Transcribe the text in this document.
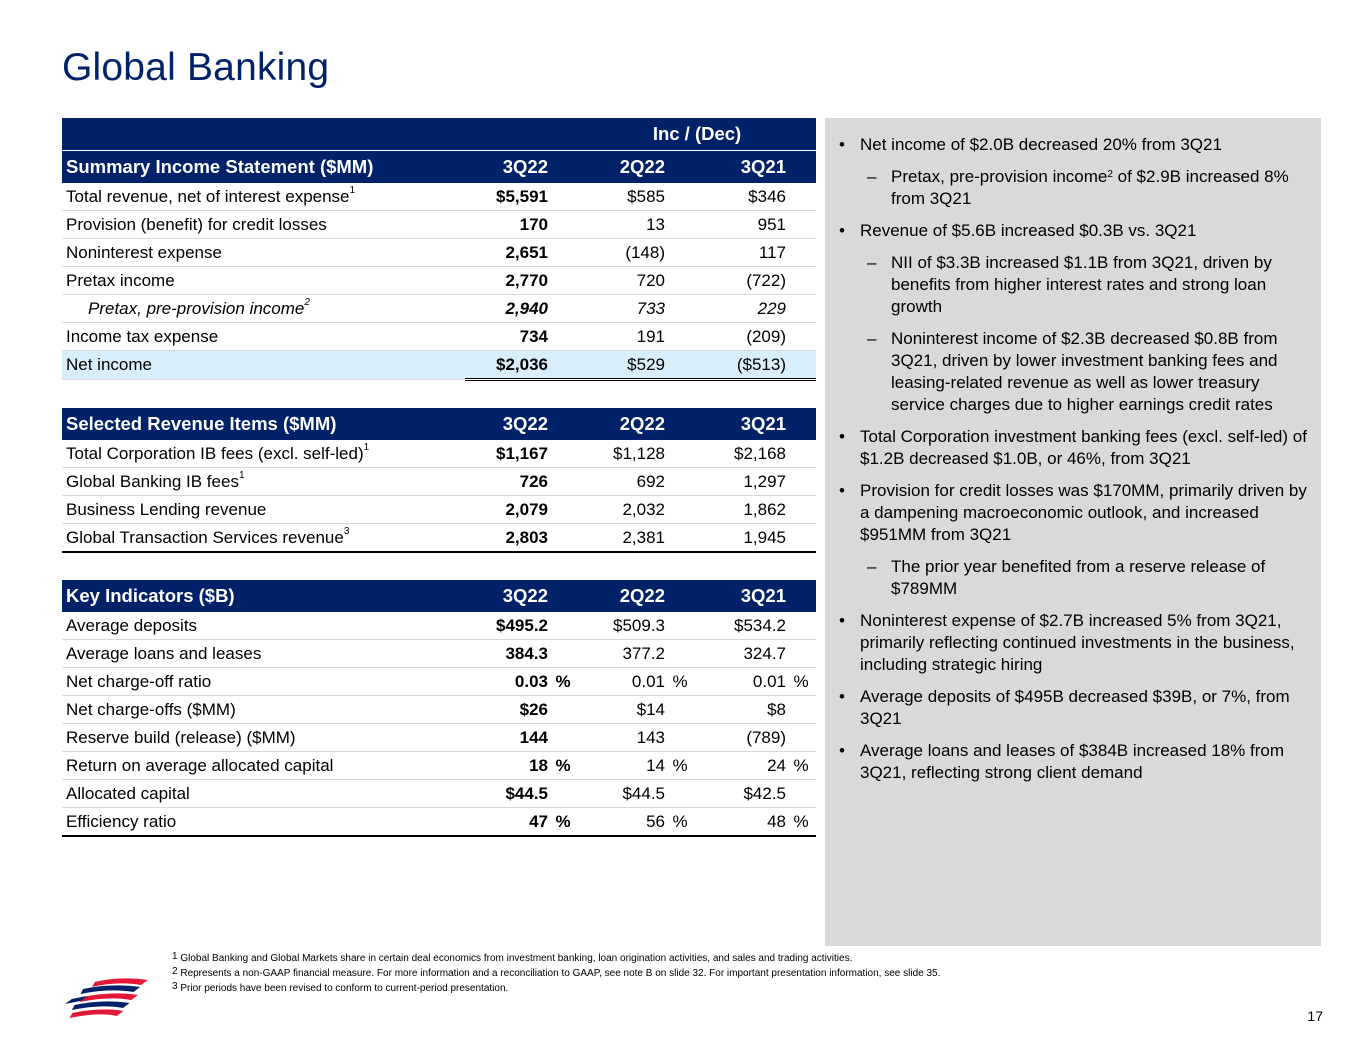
Global Banking
			Inc / (Dec)			
Summary Income Statement ($MM)	3Q22		2Q22		3Q21	
Total revenue, net of interest expense$^1$	$5,591		$585		$346	
Provision (benefit) for credit losses	170		13		951	
Noninterest expense	2,651		(148)		117	
Pretax income	2,770		720		(722)	
Pretax, pre-provision income$^2$	2,940		733		229	
Income tax expense	734		191		(209)	
Net income	$2,036		$529		($513)	
Selected Revenue Items ($MM)	3Q22		2Q22		3Q21	
Total Corporation IB fees (excl. self-led)$^1$	$1,167		$1,128		$2,168	
Global Banking IB fees$^1$	726		692		1,297	
Business Lending revenue	2,079		2,032		1,862	
Global Transaction Services revenue$^3$	2,803		2,381		1,945	
Key Indicators ($B)	3Q22		2Q22		3Q21	
Average deposits	$495.2		$509.3		$534.2	
Average loans and leases	384.3		377.2		324.7	
Net charge-off ratio	0.03	%	0.01	%	0.01	%
Net charge-offs ($MM)	$26		$14		$8	
Reserve build (release) ($MM)	144		143		(789)	
Return on average allocated capital	18	%	14	%	24	%
Allocated capital	$44.5		$44.5		$42.5	
Efficiency ratio	47	%	56	%	48	%
• Net income of $2.0B decreased 20% from 3Q21
– Pretax, pre-provision income$^2$ of $2.9B increased 8% from 3Q21
• Revenue of $5.6B increased $0.3B vs. 3Q21
– NII of $3.3B increased $1.1B from 3Q21, driven by benefits from higher interest rates and strong loan growth
– Noninterest income of $2.3B decreased $0.8B from 3Q21, driven by lower investment banking fees and leasing-related revenue as well as lower treasury service charges due to higher earnings credit rates
• Total Corporation investment banking fees (excl. self-led) of $1.2B decreased $1.0B, or 46%, from 3Q21
• Provision for credit losses was $170MM, primarily driven by a dampening macroeconomic outlook, and increased $951MM from 3Q21
– The prior year benefited from a reserve release of $789MM
• Noninterest expense of $2.7B increased 5% from 3Q21, primarily reflecting continued investments in the business, including strategic hiring
• Average deposits of $495B decreased $39B, or 7%, from 3Q21
• Average loans and leases of $384B increased 18% from 3Q21, reflecting strong client demand
$^1$ Global Banking and Global Markets share in certain deal economics from investment banking, loan origination activities, and sales and trading activities.
$^2$ Represents a non-GAAP financial measure. For more information and a reconciliation to GAAP, see note B on slide 32. For important presentation information, see slide 35.
$^3$ Prior periods have been revised to conform to current-period presentation.
17
